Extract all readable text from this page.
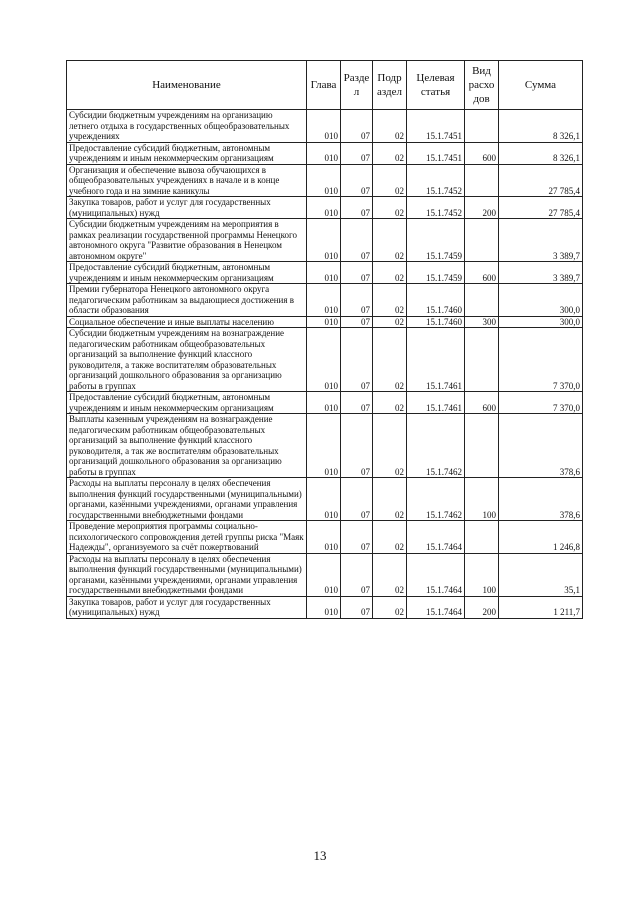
Наименование	Глава	Разде л	Подр аздел	Целевая статья	Вид расхо дов	Сумма
Субсидии бюджетным учреждениям на организацию летнего отдыха в государственных общеобразовательных учреждениях	010	07	02	15.1.7451		8 326,1
Предоставление субсидий бюджетным, автономным учреждениям и иным некоммерческим организациям	010	07	02	15.1.7451	600	8 326,1
Организация и обеспечение вывоза обучающихся в общеобразовательных учреждениях в начале и в конце учебного года и на зимние каникулы	010	07	02	15.1.7452		27 785,4
Закупка товаров, работ и услуг для государственных (муниципальных) нужд	010	07	02	15.1.7452	200	27 785,4
Субсидии бюджетным учреждениям на мероприятия в рамках реализации государственной программы Ненецкого автономного округа "Развитие образования в Ненецком автономном округе"	010	07	02	15.1.7459		3 389,7
Предоставление субсидий бюджетным, автономным учреждениям и иным некоммерческим организациям	010	07	02	15.1.7459	600	3 389,7
Премии губернатора Ненецкого автономного округа педагогическим работникам за выдающиеся достижения в области образования	010	07	02	15.1.7460		300,0
Социальное обеспечение и иные выплаты населению	010	07	02	15.1.7460	300	300,0
Субсидии бюджетным учреждениям на вознаграждение педагогическим работникам общеобразовательных организаций за выполнение функций классного руководителя, а также воспитателям образовательных организаций дошкольного образования за организацию работы в группах	010	07	02	15.1.7461		7 370,0
Предоставление субсидий бюджетным, автономным учреждениям и иным некоммерческим организациям	010	07	02	15.1.7461	600	7 370,0
Выплаты казенным учреждениям на вознаграждение педагогическим работникам общеобразовательных организаций за выполнение функций классного руководителя, а так же воспитателям образовательных организаций дошкольного образования за организацию работы в группах	010	07	02	15.1.7462		378,6
Расходы на выплаты персоналу в целях обеспечения выполнения функций государственными (муниципальными) органами, казёнными учреждениями, органами управления государственными внебюджетными фондами	010	07	02	15.1.7462	100	378,6
Проведение мероприятия программы социально-психологического сопровождения детей группы риска "Маяк Надежды", организуемого за счёт пожертвований	010	07	02	15.1.7464		1 246,8
Расходы на выплаты персоналу в целях обеспечения выполнения функций государственными (муниципальными) органами, казёнными учреждениями, органами управления государственными внебюджетными фондами	010	07	02	15.1.7464	100	35,1
Закупка товаров, работ и услуг для государственных (муниципальных) нужд	010	07	02	15.1.7464	200	1 211,7
13
